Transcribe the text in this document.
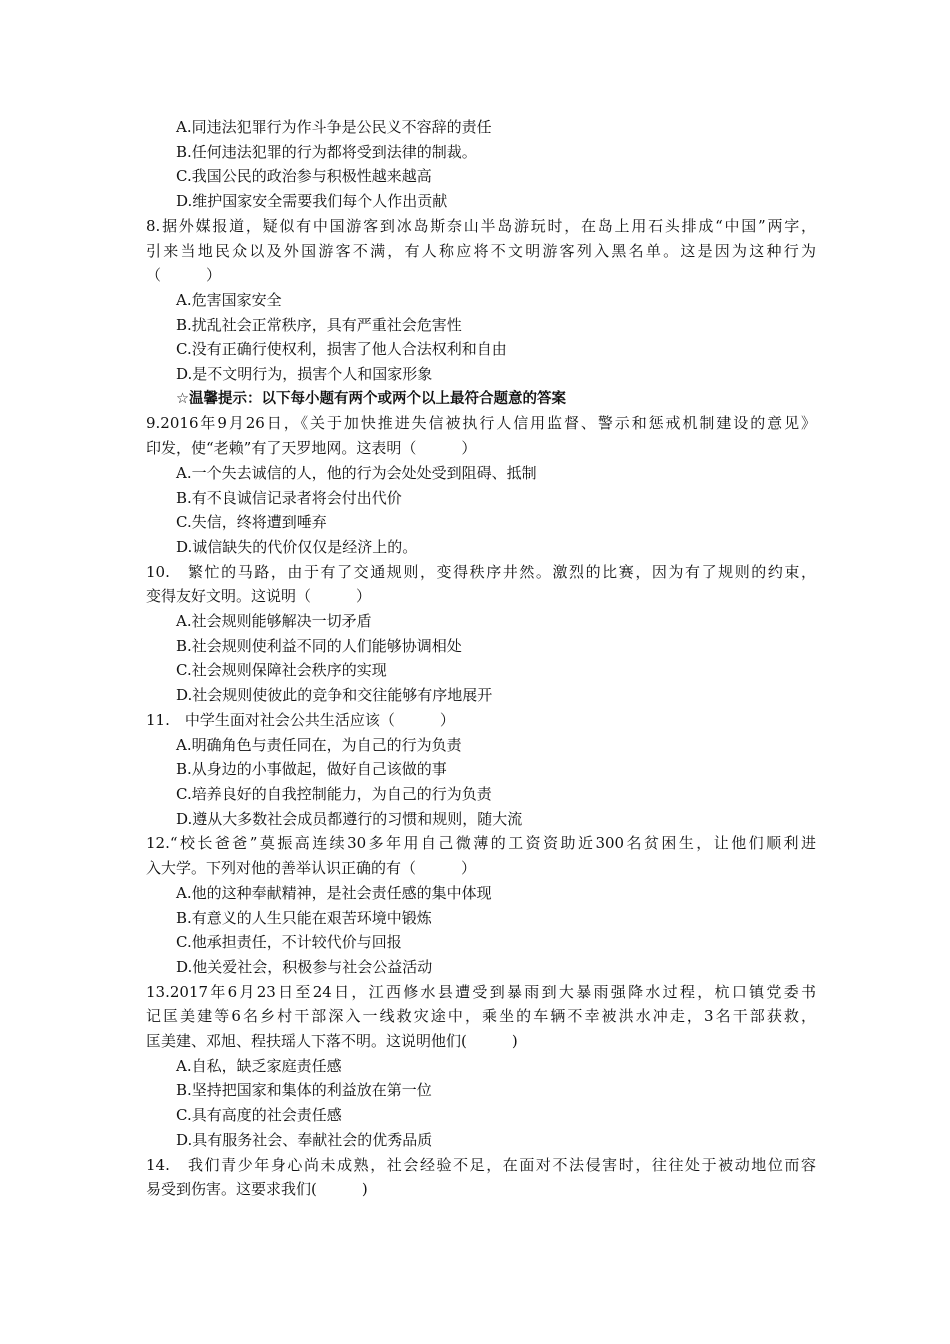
A.同违法犯罪行为作斗争是公民义不容辞的责任
B.任何违法犯罪的行为都将受到法律的制裁。
C.我国公民的政治参与积极性越来越高
D.维护国家安全需要我们每个人作出贡献
8.据外媒报道，疑似有中国游客到冰岛斯奈山半岛游玩时，在岛上用石头排成“中国”两字，
引来当地民众以及外国游客不满，有人称应将不文明游客列入黑名单。这是因为这种行为
（　　　）
A.危害国家安全
B.扰乱社会正常秩序，具有严重社会危害性
C.没有正确行使权利，损害了他人合法权利和自由
D.是不文明行为，损害个人和国家形象
☆温馨提示：以下每小题有两个或两个以上最符合题意的答案
9.2016年9月26日，《关于加快推进失信被执行人信用监督、警示和惩戒机制建设的意见》
印发，使“老赖”有了天罗地网。这表明（　　　）
A.一个失去诚信的人，他的行为会处处受到阻碍、抵制
B.有不良诚信记录者将会付出代价
C.失信，终将遭到唾弃
D.诚信缺失的代价仅仅是经济上的。
10.　繁忙的马路，由于有了交通规则，变得秩序井然。激烈的比赛，因为有了规则的约束，
变得友好文明。这说明（　　　）
A.社会规则能够解决一切矛盾
B.社会规则使利益不同的人们能够协调相处
C.社会规则保障社会秩序的实现
D.社会规则使彼此的竞争和交往能够有序地展开
11.　中学生面对社会公共生活应该（　　　）
A.明确角色与责任同在，为自己的行为负责
B.从身边的小事做起，做好自己该做的事
C.培养良好的自我控制能力，为自己的行为负责
D.遵从大多数社会成员都遵行的习惯和规则，随大流
12.“校长爸爸”莫振高连续30多年用自己微薄的工资资助近300名贫困生，让他们顺利进
入大学。下列对他的善举认识正确的有（　　　）
A.他的这种奉献精神，是社会责任感的集中体现
B.有意义的人生只能在艰苦环境中锻炼
C.他承担责任，不计较代价与回报
D.他关爱社会，积极参与社会公益活动
13.2017年6月23日至24日，江西修水县遭受到暴雨到大暴雨强降水过程，杭口镇党委书
记匡美建等6名乡村干部深入一线救灾途中，乘坐的车辆不幸被洪水冲走，3名干部获救，
匡美建、邓旭、程扶瑶人下落不明。这说明他们(　　　)
A.自私，缺乏家庭责任感
B.坚持把国家和集体的利益放在第一位
C.具有高度的社会责任感
D.具有服务社会、奉献社会的优秀品质
14.　我们青少年身心尚未成熟，社会经验不足，在面对不法侵害时，往往处于被动地位而容
易受到伤害。这要求我们(　　　)
